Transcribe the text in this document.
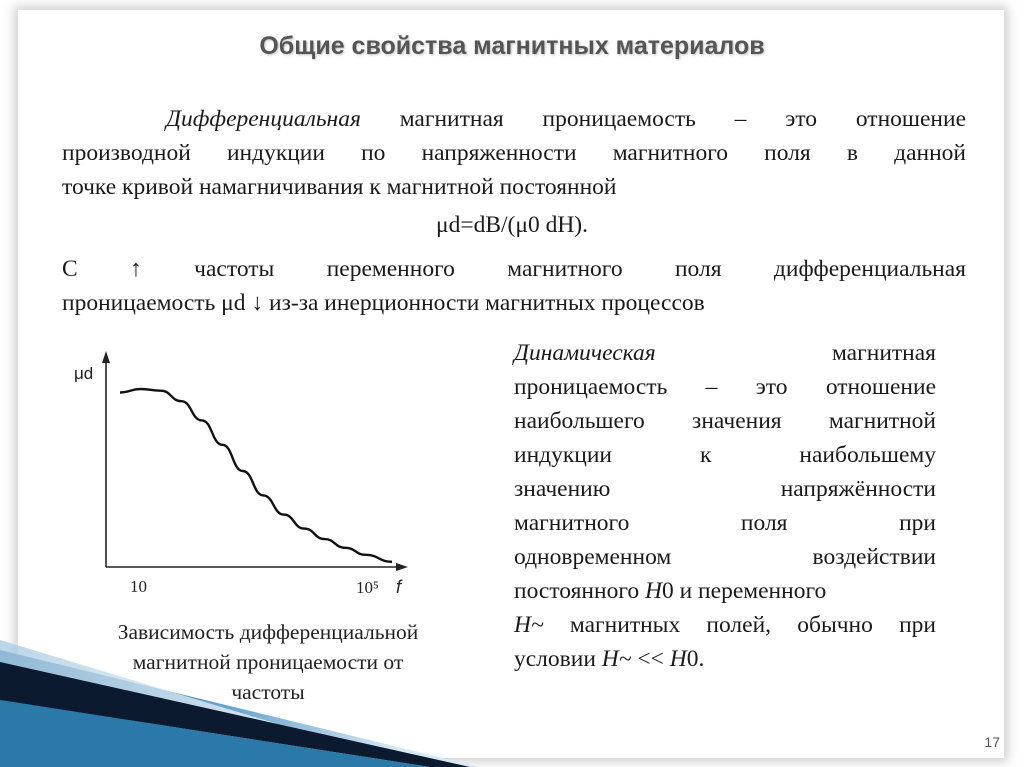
Общие свойства магнитных материалов
Дифференциальная магнитная проницаемость – это отношение
производной индукции по напряженности магнитного поля в данной
точке кривой намагничивания к магнитной постоянной
μd=dB/(μ0 dH).
С ↑ частоты переменного магнитного поля дифференциальная
проницаемость μd ↓ из-за инерционности магнитных процессов
Динамическая	магнитная
проницаемость – это отношение
наибольшего значения магнитной
индукции к наибольшему
значению напряжённости
магнитного поля при
одновременном воздействии
постоянного Н0 и переменного
Н~ магнитных полей, обычно при
условии Н~ << Н0.
μd
f
10	10⁵
Зависимость дифференциальной
магнитной проницаемости от
частоты
17
